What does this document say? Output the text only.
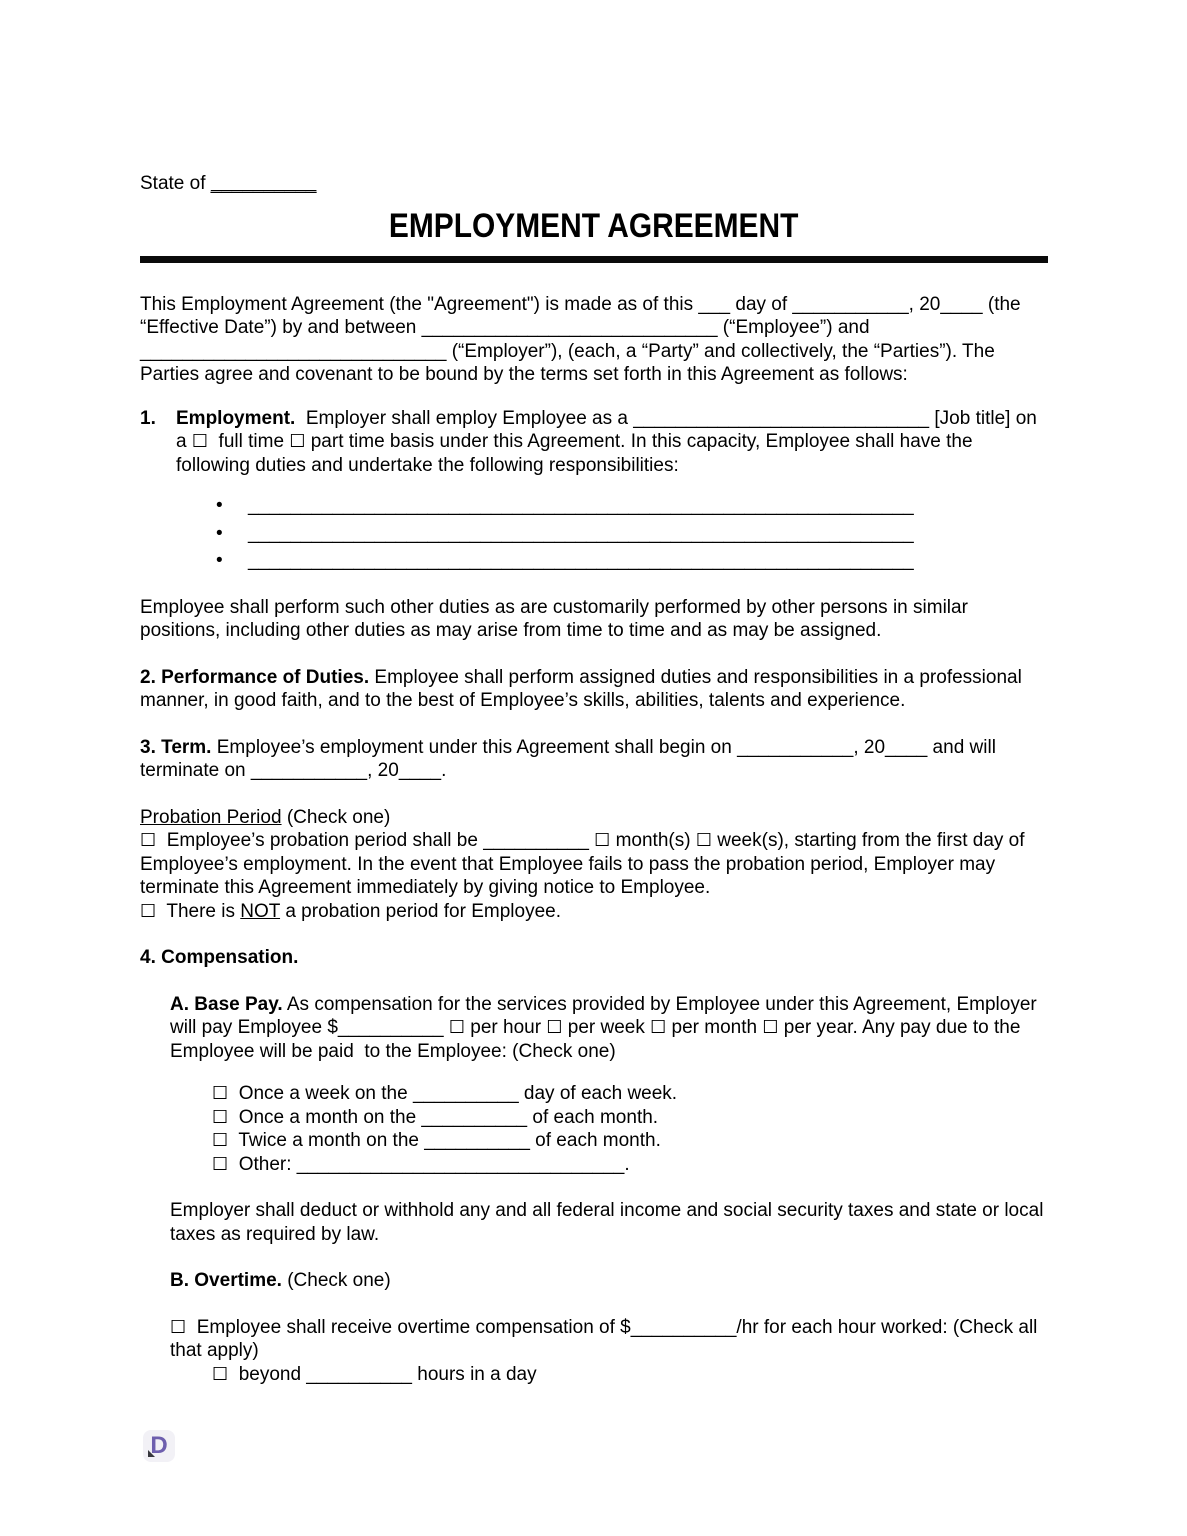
State of __________

EMPLOYMENT AGREEMENT

This Employment Agreement (the "Agreement") is made as of this ___ day of ___________, 20____ (the “Effective Date”) by and between ____________________________ (“Employee”) and _____________________________ (“Employer”), (each, a “Party” and collectively, the “Parties”). The Parties agree and covenant to be bound by the terms set forth in this Agreement as follows:

1. Employment.  Employer shall employ Employee as a ____________________________ [Job title] on a ☐  full time ☐ part time basis under this Agreement. In this capacity, Employee shall have the following duties and undertake the following responsibilities:

• _______________________________________________________________

• _______________________________________________________________

• _______________________________________________________________

Employee shall perform such other duties as are customarily performed by other persons in similar positions, including other duties as may arise from time to time and as may be assigned.

2. Performance of Duties. Employee shall perform assigned duties and responsibilities in a professional manner, in good faith, and to the best of Employee’s skills, abilities, talents and experience.

3. Term. Employee’s employment under this Agreement shall begin on ___________, 20____ and will terminate on ___________, 20____.

Probation Period (Check one)

☐  Employee’s probation period shall be __________ ☐ month(s) ☐ week(s), starting from the first day of Employee’s employment. In the event that Employee fails to pass the probation period, Employer may terminate this Agreement immediately by giving notice to Employee.

☐  There is NOT a probation period for Employee.

4. Compensation.

A. Base Pay. As compensation for the services provided by Employee under this Agreement, Employer will pay Employee $__________ ☐ per hour ☐ per week ☐ per month ☐ per year. Any pay due to the Employee will be paid  to the Employee: (Check one)

☐  Once a week on the __________ day of each week.

☐  Once a month on the __________ of each month.

☐  Twice a month on the __________ of each month.

☐  Other: _______________________________.

Employer shall deduct or withhold any and all federal income and social security taxes and state or local taxes as required by law.

B. Overtime. (Check one)

☐  Employee shall receive overtime compensation of $__________/hr for each hour worked: (Check all that apply)

☐  beyond __________ hours in a day

D
